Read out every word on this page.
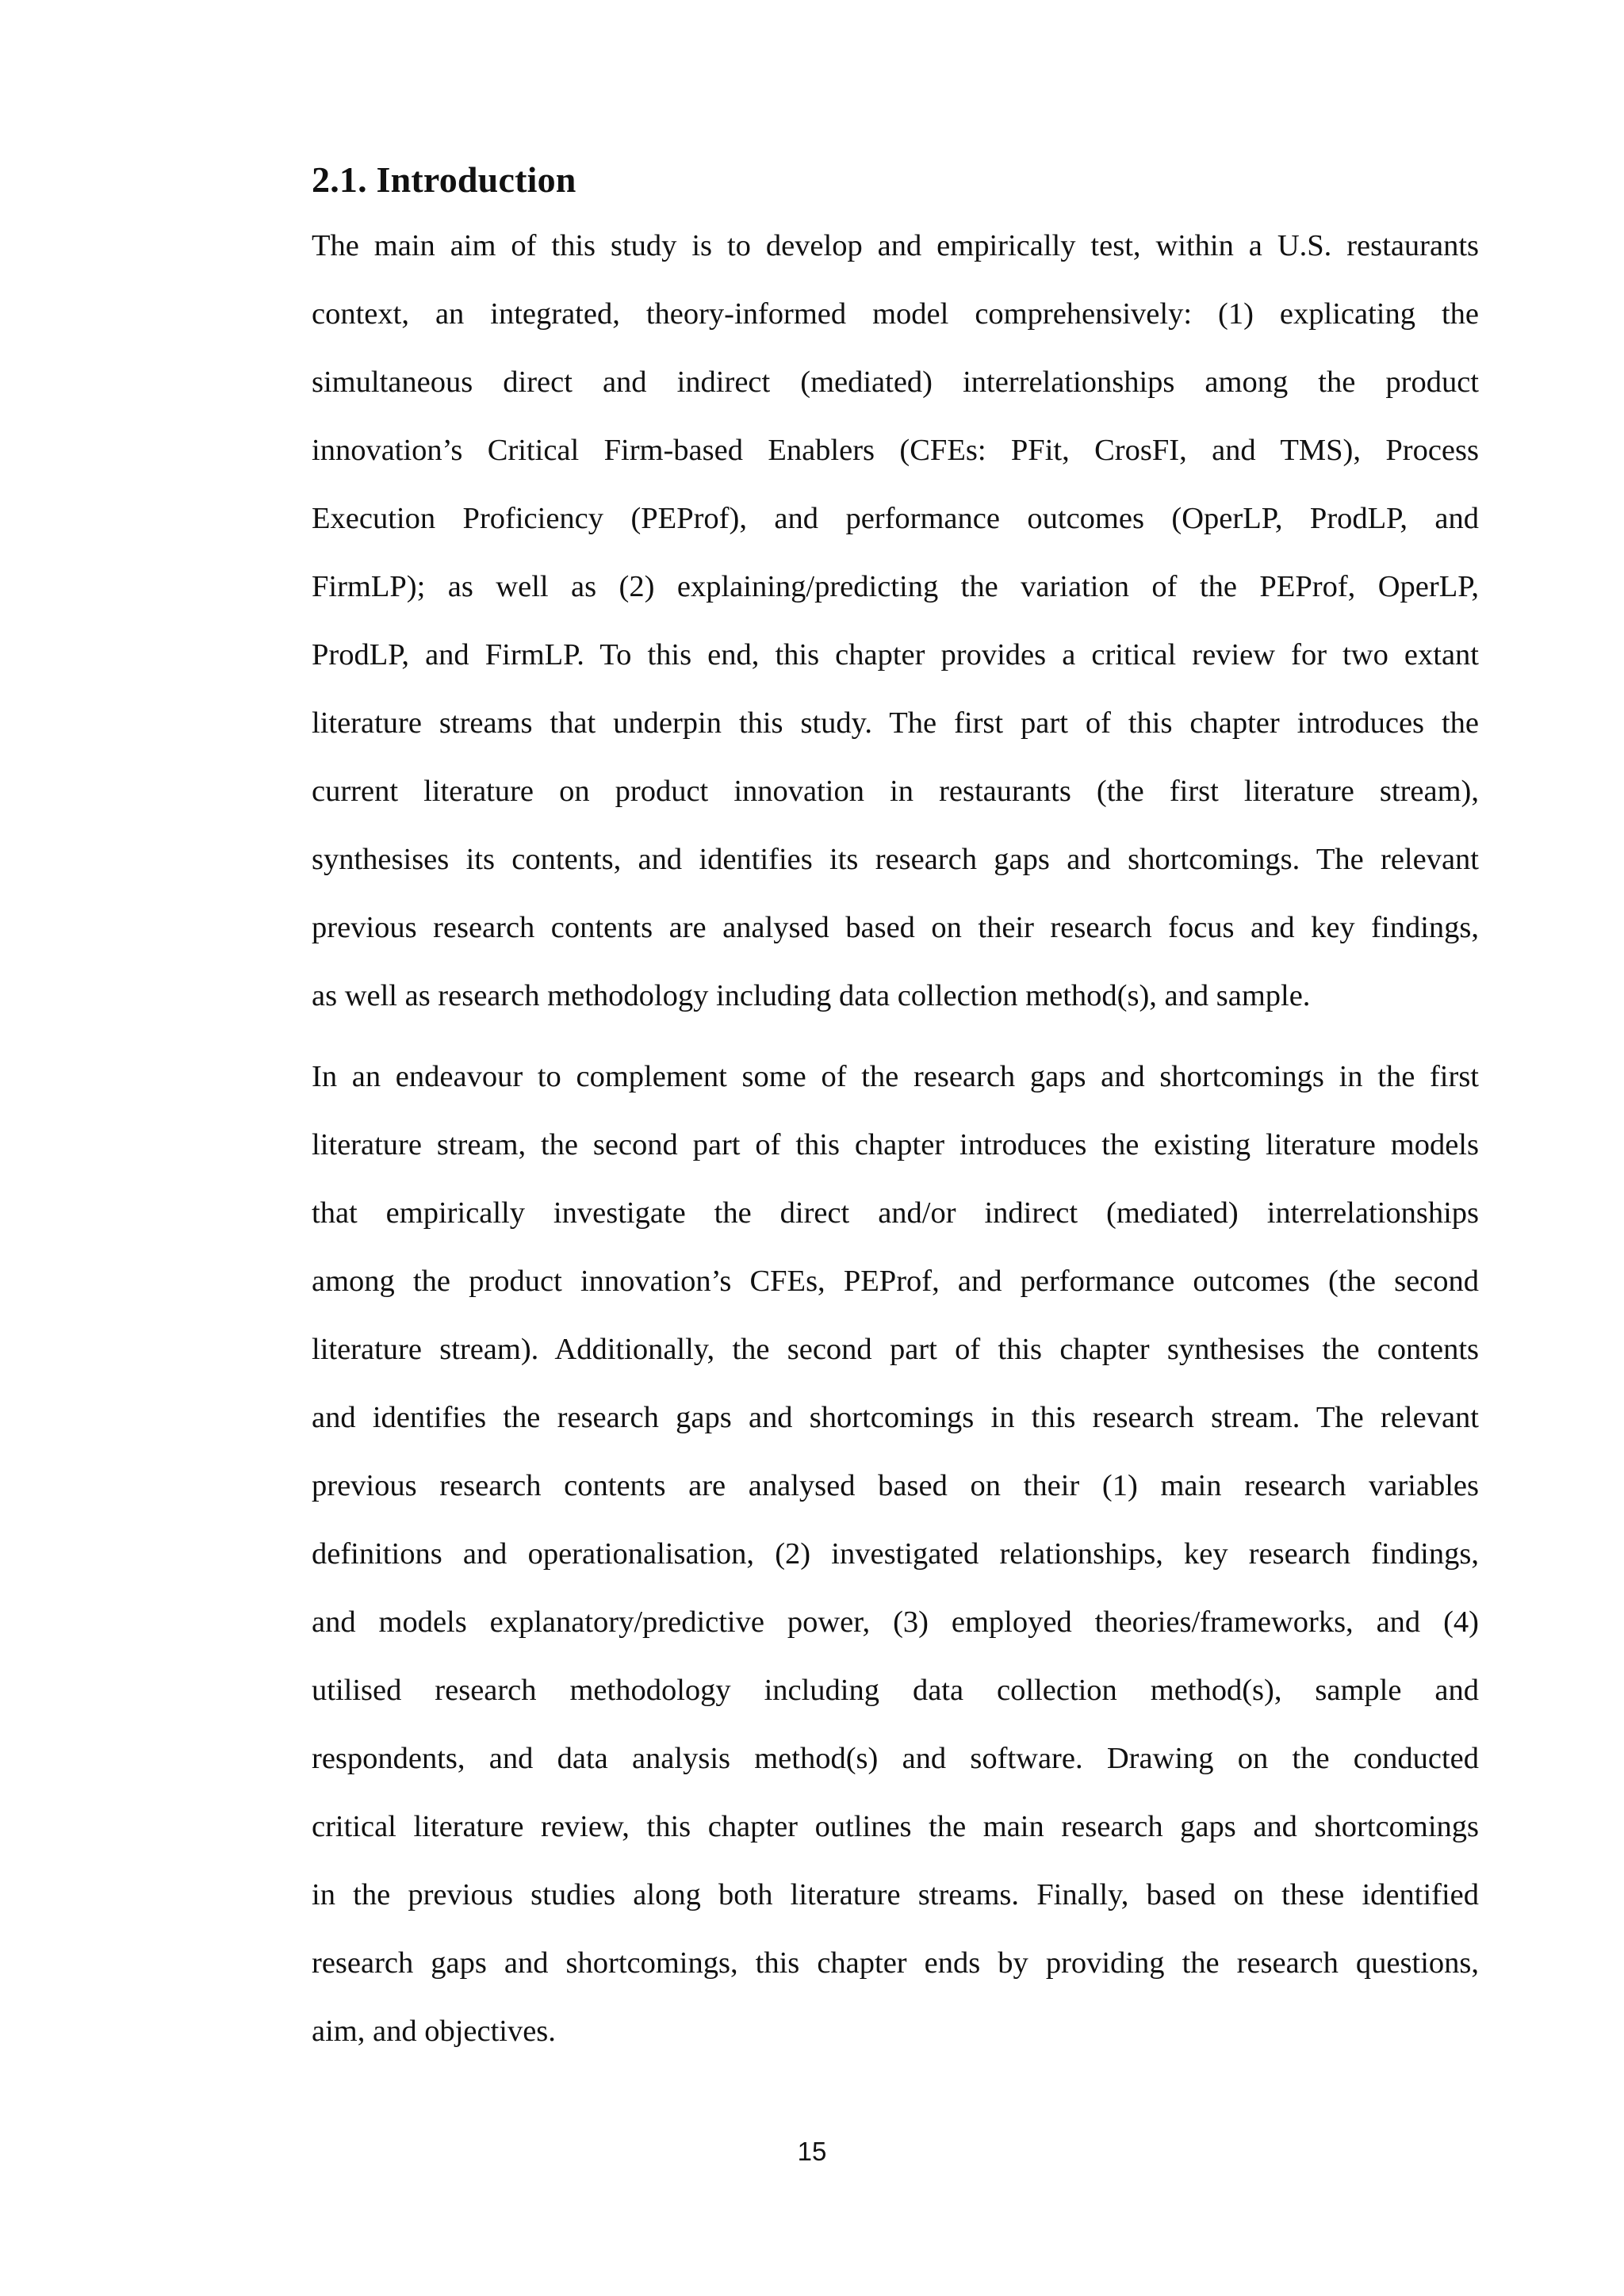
2.1. Introduction
The main aim of this study is to develop and empirically test, within a U.S. restaurants
context, an integrated, theory-informed model comprehensively: (1) explicating the
simultaneous direct and indirect (mediated) interrelationships among the product
innovation’s Critical Firm-based Enablers (CFEs: PFit, CrosFI, and TMS), Process
Execution Proficiency (PEProf), and performance outcomes (OperLP, ProdLP, and
FirmLP); as well as (2) explaining/predicting the variation of the PEProf, OperLP,
ProdLP, and FirmLP. To this end, this chapter provides a critical review for two extant
literature streams that underpin this study. The first part of this chapter introduces the
current literature on product innovation in restaurants (the first literature stream),
synthesises its contents, and identifies its research gaps and shortcomings. The relevant
previous research contents are analysed based on their research focus and key findings,
as well as research methodology including data collection method(s), and sample.
In an endeavour to complement some of the research gaps and shortcomings in the first
literature stream, the second part of this chapter introduces the existing literature models
that empirically investigate the direct and/or indirect (mediated) interrelationships
among the product innovation’s CFEs, PEProf, and performance outcomes (the second
literature stream). Additionally, the second part of this chapter synthesises the contents
and identifies the research gaps and shortcomings in this research stream. The relevant
previous research contents are analysed based on their (1) main research variables
definitions and operationalisation, (2) investigated relationships, key research findings,
and models explanatory/predictive power, (3) employed theories/frameworks, and (4)
utilised research methodology including data collection method(s), sample and
respondents, and data analysis method(s) and software. Drawing on the conducted
critical literature review, this chapter outlines the main research gaps and shortcomings
in the previous studies along both literature streams. Finally, based on these identified
research gaps and shortcomings, this chapter ends by providing the research questions,
aim, and objectives.
15
